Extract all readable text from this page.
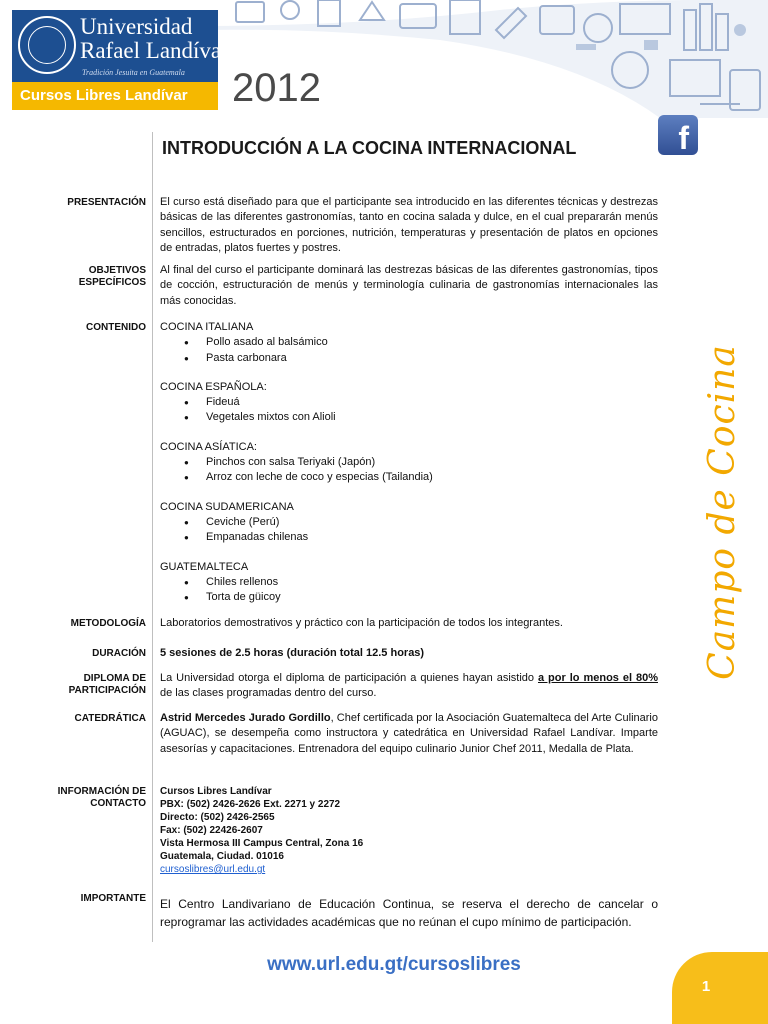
Universidad
Rafael Landívar
Tradición Jesuita en Guatemala
Cursos Libres Landívar	2012
f
INTRODUCCIÓN A LA COCINA INTERNACIONAL
PRESENTACIÓN El curso está diseñado para que el participante sea introducido en las diferentes técnicas y destrezas básicas de las diferentes gastronomías, tanto en cocina salada y dulce, en el cual prepararán menús sencillos, estructurados en porciones, nutrición, temperaturas y presentación de platos en opciones de entradas, platos fuertes y postres.
OBJETIVOS
ESPECÍFICOS
Al final del curso el participante dominará las destrezas básicas de las diferentes gastronomías, tipos de cocción, estructuración de menús y terminología culinaria de gastronomías internacionales las más conocidas.
CONTENIDO COCINA ITALIANA
● Pollo asado al balsámico
● Pasta carbonara
COCINA ESPAÑOLA:
● Fideuá
● Vegetales mixtos con Alioli
COCINA ASÍATICA:
● Pinchos con salsa Teriyaki (Japón)
● Arroz con leche de coco y especias (Tailandia)
COCINA SUDAMERICANA
● Ceviche (Perú)
● Empanadas chilenas
GUATEMALTECA
● Chiles rellenos
● Torta de güicoy
METODOLOGÍA Laboratorios demostrativos y práctico con la participación de todos los integrantes.
DURACIÓN 5 sesiones de 2.5 horas (duración total 12.5 horas)
DIPLOMA DE
PARTICIPACIÓN
La Universidad otorga el diploma de participación a quienes hayan asistido a por lo menos el 80% de las clases programadas dentro del curso.
CATEDRÁTICA Astrid Mercedes Jurado Gordillo, Chef certificada por la Asociación Guatemalteca del Arte Culinario (AGUAC), se desempeña como instructora y catedrática en Universidad Rafael Landívar. Imparte asesorías y capacitaciones. Entrenadora del equipo culinario Junior Chef 2011, Medalla de Plata.
INFORMACIÓN DE
CONTACTO
Cursos Libres Landívar
PBX: (502) 2426-2626 Ext. 2271 y 2272
Directo: (502) 2426-2565
Fax: (502) 22426-2607
Vista Hermosa III Campus Central, Zona 16
Guatemala, Ciudad. 01016
cursoslibres@url.edu.gt
IMPORTANTE El Centro Landivariano de Educación Continua, se reserva el derecho de cancelar o reprogramar las actividades académicas que no reúnan el cupo mínimo de participación.
Campo de Cocina
www.url.edu.gt/cursoslibres
1
